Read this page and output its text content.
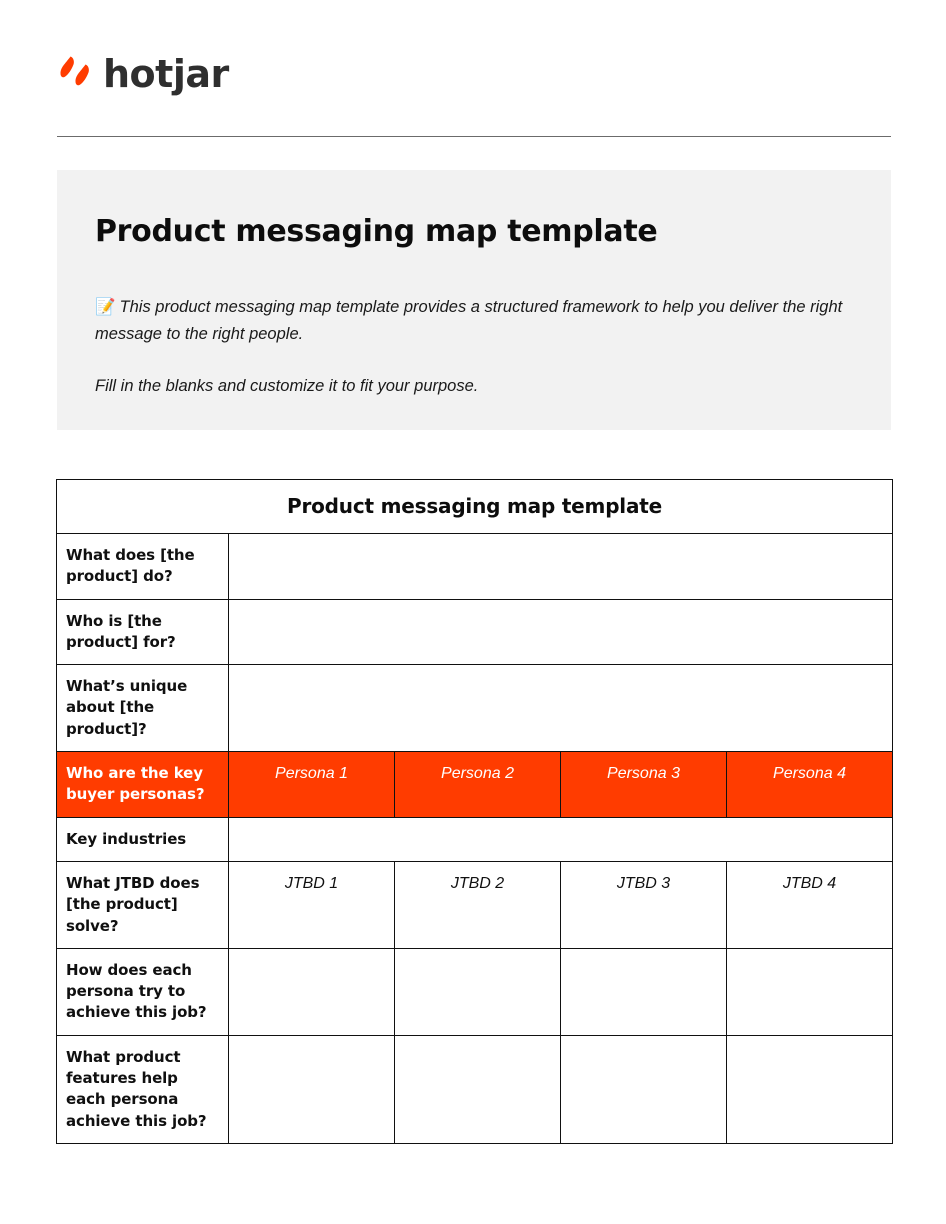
hotjar
Product messaging map template

📝 This product messaging map template provides a structured framework to help you deliver the right message to the right people.

Fill in the blanks and customize it to fit your purpose.

Product messaging map template				
What does [the product] do?				
Who is [the product] for?				
What’s unique about [the product]?				
Who are the key buyer personas?	Persona 1	Persona 2	Persona 3	Persona 4
Key industries				
What JTBD does [the product] solve?	JTBD 1	JTBD 2	JTBD 3	JTBD 4
How does each persona try to achieve this job?				
What product features help each persona achieve this job?				
